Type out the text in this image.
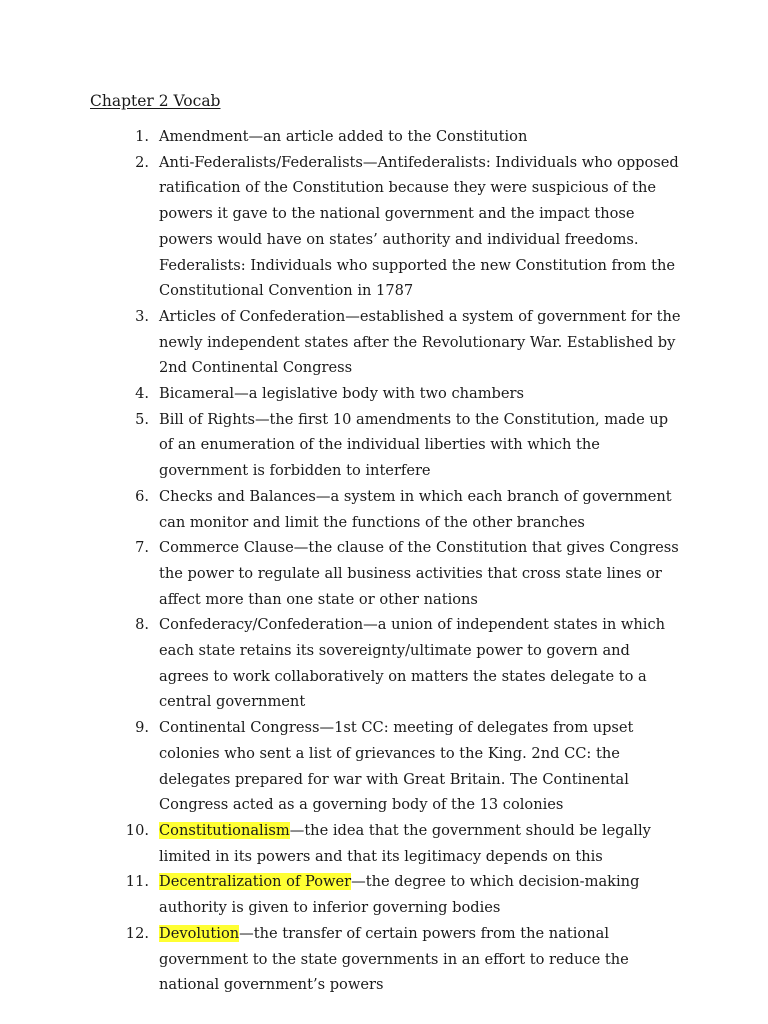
Chapter 2 Vocab
1. Amendment—an article added to the Constitution
2. Anti-Federalists/Federalists—Antifederalists: Individuals who opposed ratification of the Constitution because they were suspicious of the powers it gave to the national government and the impact those powers would have on states’ authority and individual freedoms. Federalists: Individuals who supported the new Constitution from the Constitutional Convention in 1787
3. Articles of Confederation—established a system of government for the newly independent states after the Revolutionary War. Established by 2nd Continental Congress
4. Bicameral—a legislative body with two chambers
5. Bill of Rights—the first 10 amendments to the Constitution, made up of an enumeration of the individual liberties with which the government is forbidden to interfere
6. Checks and Balances—a system in which each branch of government can monitor and limit the functions of the other branches
7. Commerce Clause—the clause of the Constitution that gives Congress the power to regulate all business activities that cross state lines or affect more than one state or other nations
8. Confederacy/Confederation—a union of independent states in which each state retains its sovereignty/ultimate power to govern and agrees to work collaboratively on matters the states delegate to a central government
9. Continental Congress—1st CC: meeting of delegates from upset colonies who sent a list of grievances to the King. 2nd CC: the delegates prepared for war with Great Britain. The Continental Congress acted as a governing body of the 13 colonies
10. Constitutionalism—the idea that the government should be legally limited in its powers and that its legitimacy depends on this
11. Decentralization of Power—the degree to which decision-making authority is given to inferior governing bodies
12. Devolution—the transfer of certain powers from the national government to the state governments in an effort to reduce the national government’s powers
